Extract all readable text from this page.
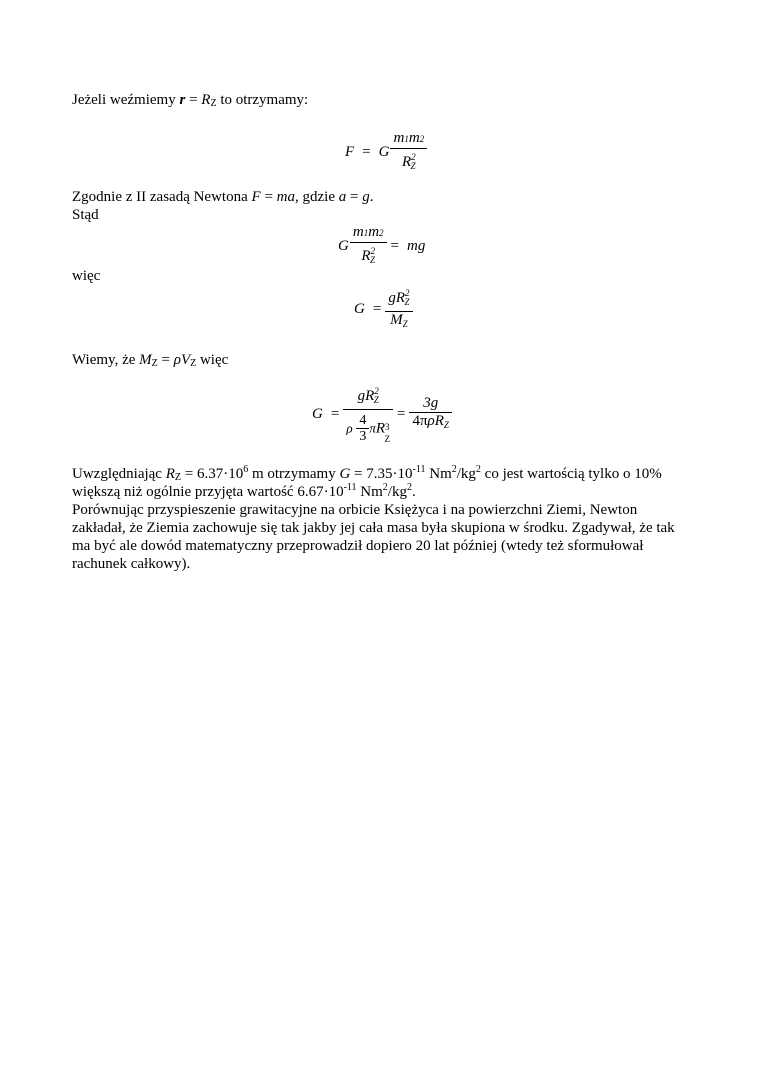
Jeżeli weźmiemy $r = R_Z$ to otrzymamy:
F = G $\frac{m1m2}{R^2_Z}$
Zgodnie z II zasadą Newtona F = ma, gdzie a = g.
Stąd
G $\frac{m1m2}{R^2_Z}$ = mg
więc
$G = \frac{gR^2_Z}{M_Z}$
Wiemy, że $M_Z = \rho V_Z$ więc
$G = \frac{gR^2_Z}{\rho \frac{4}{3} \pi R3_Z} = \frac{3g}{4\pi\rho R_Z}$
Uwzględniając $R_Z = 6.37\cdot 10^6$ m otrzymamy $G = 7.35\cdot 10^{-11}$ $Nm^2/kg^2$ co jest wartością tylko o 10%
większą niż ogólnie przyjęta wartość $6.67\cdot 10^{-11}$ $Nm^2/kg^2$.
Porównując przyspieszenie grawitacyjne na orbicie Księżyca i na powierzchni Ziemi, Newton zakładał, że Ziemia zachowuje się tak jakby jej cała masa była skupiona w środku. Zgadywał, że tak ma być ale dowód matematyczny przeprowadził dopiero 20 lat później (wtedy też sformułował rachunek całkowy).
